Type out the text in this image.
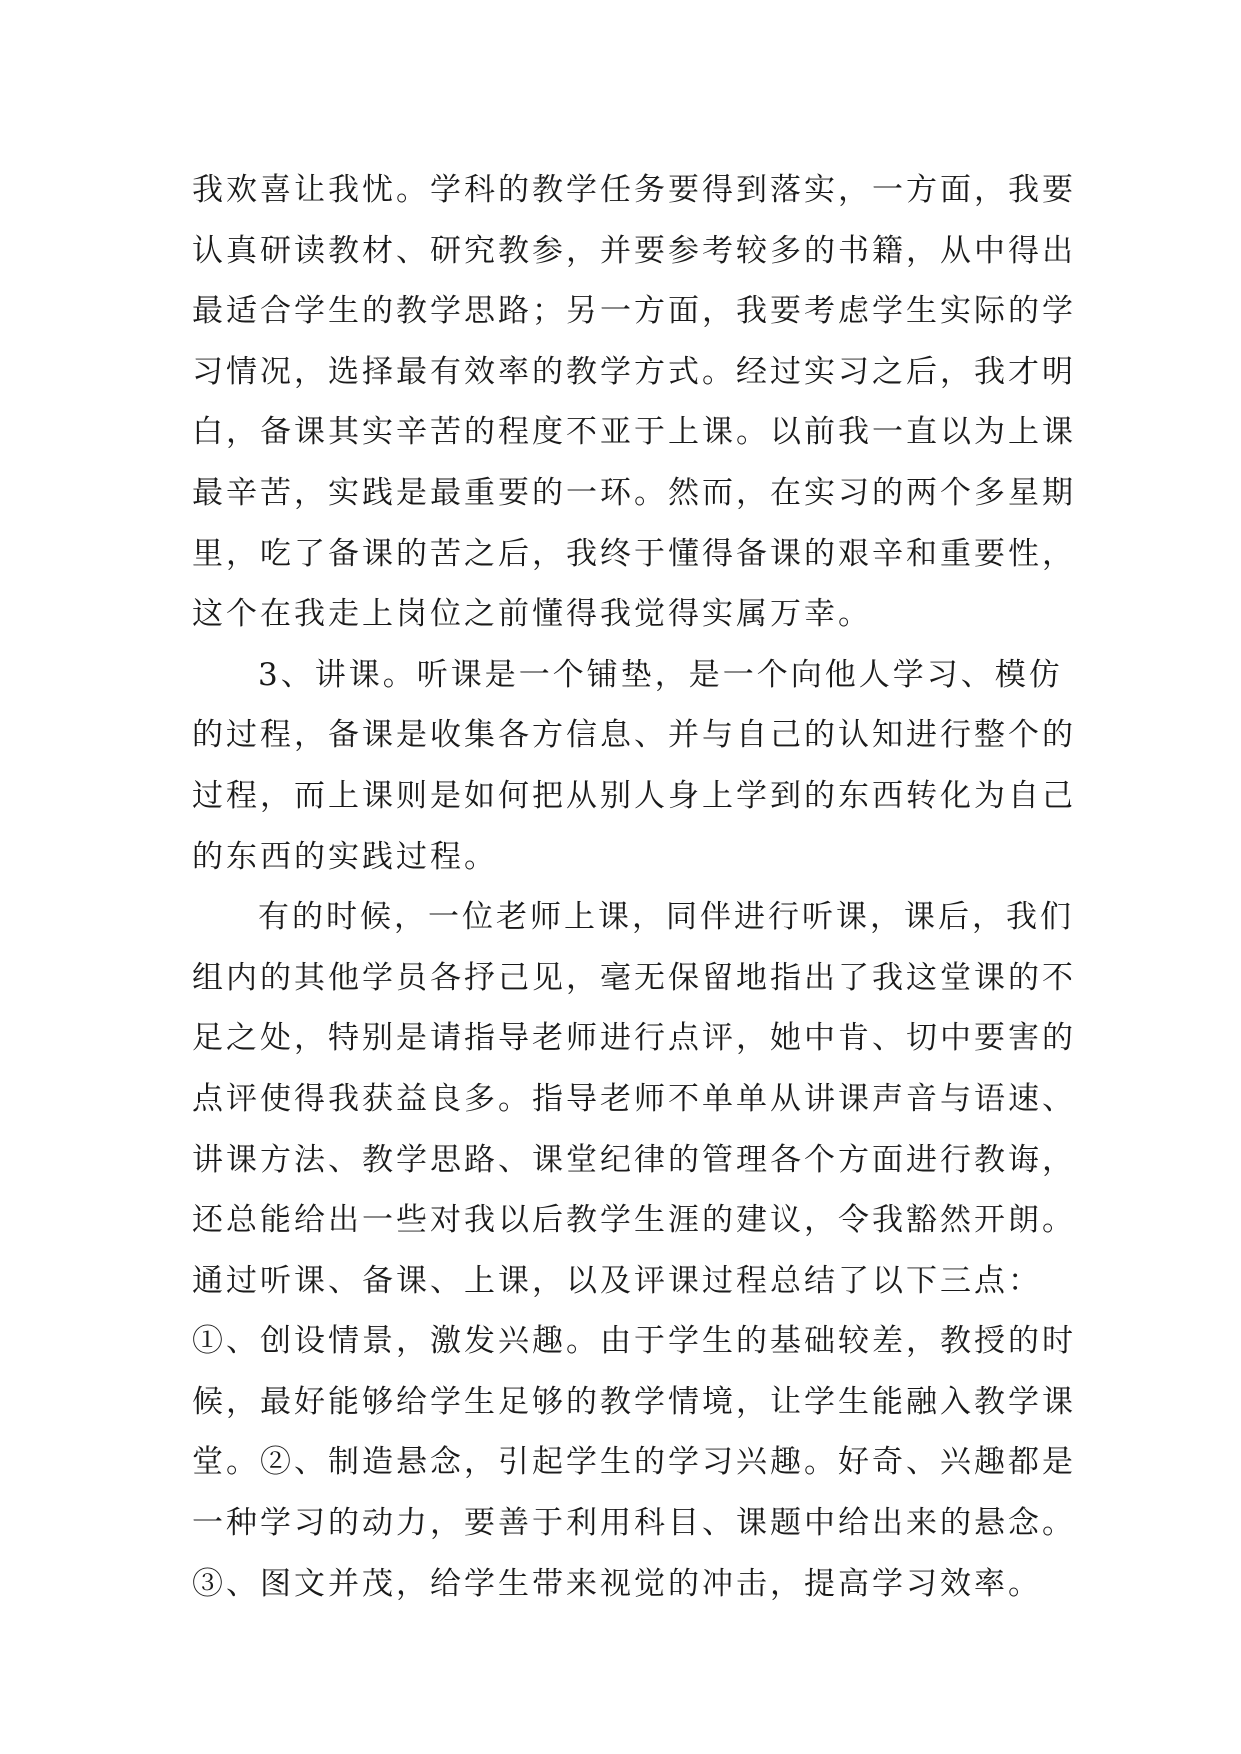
我欢喜让我忧。学科的教学任务要得到落实，一方面，我要
认真研读教材、研究教参，并要参考较多的书籍，从中得出
最适合学生的教学思路；另一方面，我要考虑学生实际的学
习情况，选择最有效率的教学方式。经过实习之后，我才明
白，备课其实辛苦的程度不亚于上课。以前我一直以为上课
最辛苦，实践是最重要的一环。然而，在实习的两个多星期
里，吃了备课的苦之后，我终于懂得备课的艰辛和重要性，
这个在我走上岗位之前懂得我觉得实属万幸。
3、讲课。听课是一个铺垫，是一个向他人学习、模仿
的过程，备课是收集各方信息、并与自己的认知进行整个的
过程，而上课则是如何把从别人身上学到的东西转化为自己
的东西的实践过程。
有的时候，一位老师上课，同伴进行听课，课后，我们
组内的其他学员各抒己见，毫无保留地指出了我这堂课的不
足之处，特别是请指导老师进行点评，她中肯、切中要害的
点评使得我获益良多。指导老师不单单从讲课声音与语速、
讲课方法、教学思路、课堂纪律的管理各个方面进行教诲，
还总能给出一些对我以后教学生涯的建议，令我豁然开朗。
通过听课、备课、上课，以及评课过程总结了以下三点：
①、创设情景，激发兴趣。由于学生的基础较差，教授的时
候，最好能够给学生足够的教学情境，让学生能融入教学课
堂。②、制造悬念，引起学生的学习兴趣。好奇、兴趣都是
一种学习的动力，要善于利用科目、课题中给出来的悬念。
③、图文并茂，给学生带来视觉的冲击，提高学习效率。
